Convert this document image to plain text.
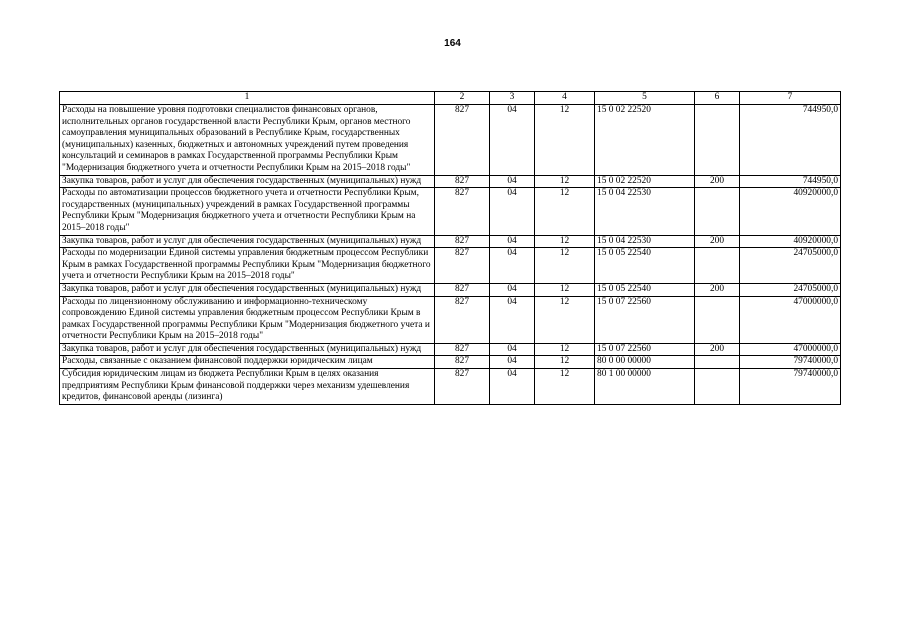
164
1	2	3	4	5	6	7
Расходы на повышение уровня подготовки специалистов финансовых органов, исполнительных органов государственной власти Республики Крым, органов местного самоуправления муниципальных образований в Республике Крым, государственных (муниципальных) казенных, бюджетных и автономных учреждений путем проведения консультаций и семинаров в рамках Государственной программы Республики Крым "Модернизация бюджетного учета и отчетности Республики Крым на 2015–2018 годы"	827	04	12	15 0 02 22520		744950,0
Закупка товаров, работ и услуг для обеспечения государственных (муниципальных) нужд	827	04	12	15 0 02 22520	200	744950,0
Расходы по автоматизации процессов бюджетного учета и отчетности Республики Крым, государственных (муниципальных) учреждений в рамках Государственной программы Республики Крым "Модернизация бюджетного учета и отчетности Республики Крым на 2015–2018 годы"	827	04	12	15 0 04 22530		40920000,0
Закупка товаров, работ и услуг для обеспечения государственных (муниципальных) нужд	827	04	12	15 0 04 22530	200	40920000,0
Расходы по модернизации Единой системы управления бюджетным процессом Республики Крым в рамках Государственной программы Республики Крым "Модернизация бюджетного учета и отчетности Республики Крым на 2015–2018 годы"	827	04	12	15 0 05 22540		24705000,0
Закупка товаров, работ и услуг для обеспечения государственных (муниципальных) нужд	827	04	12	15 0 05 22540	200	24705000,0
Расходы по лицензионному обслуживанию и информационно-техническому сопровождению Единой системы управления бюджетным процессом Республики Крым в рамках Государственной программы Республики Крым "Модернизация бюджетного учета и отчетности Республики Крым на 2015–2018 годы"	827	04	12	15 0 07 22560		47000000,0
Закупка товаров, работ и услуг для обеспечения государственных (муниципальных) нужд	827	04	12	15 0 07 22560	200	47000000,0
Расходы, связанные с оказанием финансовой поддержки юридическим лицам	827	04	12	80 0 00 00000		79740000,0
Субсидия юридическим лицам из бюджета Республики Крым в целях оказания предприятиям Республики Крым финансовой поддержки через механизм удешевления кредитов, финансовой аренды (лизинга)	827	04	12	80 1 00 00000		79740000,0
